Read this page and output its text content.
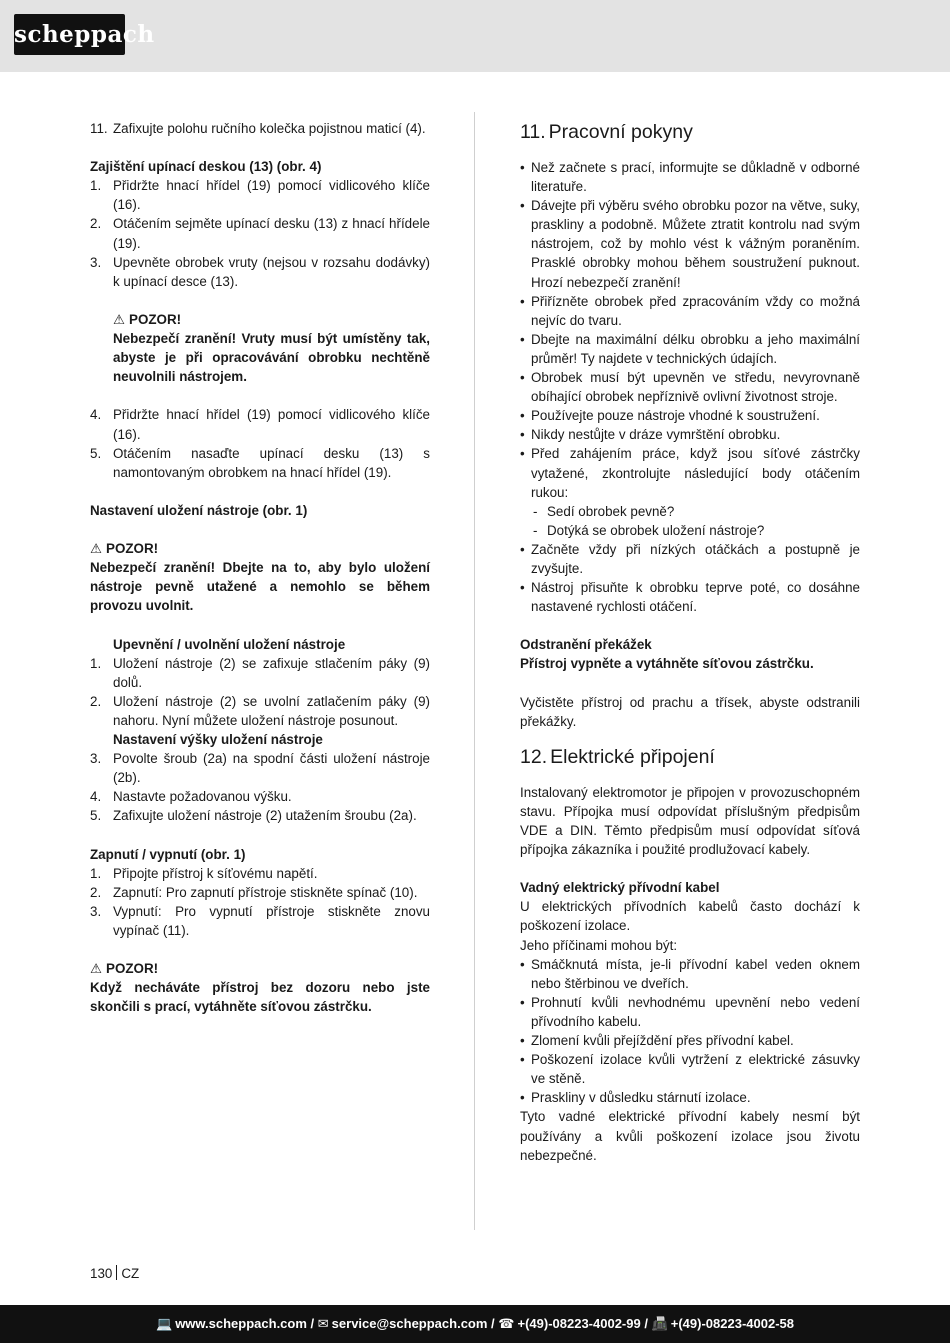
scheppach
11. Zafixujte polohu ručního kolečka pojistnou maticí (4).

Zajištění upínací deskou (13) (obr. 4)

1. Přidržte hnací hřídel (19) pomocí vidlicového klíče (16).
2. Otáčením sejměte upínací desku (13) z hnací hřídele (19).
3. Upevněte obrobek vruty (nejsou v rozsahu dodávky) k upínací desce (13).

⚠ POZOR!

Nebezpečí zranění! Vruty musí být umístěny tak, abyste je při opracovávání obrobku nechtěně neuvolnili nástrojem.

4. Přidržte hnací hřídel (19) pomocí vidlicového klíče (16).
5. Otáčením nasaďte upínací desku (13) s namontovaným obrobkem na hnací hřídel (19).

Nastavení uložení nástroje (obr. 1)

⚠ POZOR!

Nebezpečí zranění! Dbejte na to, aby bylo uložení nástroje pevně utažené a nemohlo se během provozu uvolnit.

Upevnění / uvolnění uložení nástroje

1. Uložení nástroje (2) se zafixuje stlačením páky (9) dolů.
2. Uložení nástroje (2) se uvolní zatlačením páky (9) nahoru. Nyní můžete uložení nástroje posunout.

Nastavení výšky uložení nástroje

3. Povolte šroub (2a) na spodní části uložení nástroje (2b).
4. Nastavte požadovanou výšku.
5. Zafixujte uložení nástroje (2) utažením šroubu (2a).

Zapnutí / vypnutí (obr. 1)

1. Připojte přístroj k síťovému napětí.
2. Zapnutí: Pro zapnutí přístroje stiskněte spínač (10).
3. Vypnutí: Pro vypnutí přístroje stiskněte znovu vypínač (11).

⚠ POZOR!

Když necháváte přístroj bez dozoru nebo jste skončili s prací, vytáhněte síťovou zástrčku.

11. Pracovní pokyny
• Než začnete s prací, informujte se důkladně v odborné literatuře.
• Dávejte při výběru svého obrobku pozor na větve, suky, praskliny a podobně. Můžete ztratit kontrolu nad svým nástrojem, což by mohlo vést k vážným poraněním. Prasklé obrobky mohou během soustružení puknout. Hrozí nebezpečí zranění!
• Přiřízněte obrobek před zpracováním vždy co možná nejvíc do tvaru.
• Dbejte na maximální délku obrobku a jeho maximální průměr! Ty najdete v technických údajích.
• Obrobek musí být upevněn ve středu, nevyrovnaně obíhající obrobek nepříznivě ovlivní životnost stroje.
• Používejte pouze nástroje vhodné k soustružení.
• Nikdy nestůjte v dráze vymrštění obrobku.
• Před zahájením práce, když jsou síťové zástrčky vytažené, zkontrolujte následující body otáčením rukou:
- Sedí obrobek pevně?
- Dotýká se obrobek uložení nástroje?
• Začněte vždy při nízkých otáčkách a postupně je zvyšujte.
• Nástroj přisuňte k obrobku teprve poté, co dosáhne nastavené rychlosti otáčení.

Odstranění překážek

Přístroj vypněte a vytáhněte síťovou zástrčku.

Vyčistěte přístroj od prachu a třísek, abyste odstranili překážky.

12. Elektrické připojení

Instalovaný elektromotor je připojen v provozuschopném stavu. Přípojka musí odpovídat příslušným předpisům VDE a DIN. Těmto předpisům musí odpovídat síťová přípojka zákazníka i použité prodlužovací kabely.

Vadný elektrický přívodní kabel

U elektrických přívodních kabelů často dochází k poškození izolace.

Jeho příčinami mohou být:

• Smáčknutá místa, je-li přívodní kabel veden oknem nebo štěrbinou ve dveřích.
• Prohnutí kvůli nevhodnému upevnění nebo vedení přívodního kabelu.
• Zlomení kvůli přejíždění přes přívodní kabel.
• Poškození izolace kvůli vytržení z elektrické zásuvky ve stěně.
• Praskliny v důsledku stárnutí izolace.

Tyto vadné elektrické přívodní kabely nesmí být používány a kvůli poškození izolace jsou životu nebezpečné.

130 CZ
💻 www.scheppach.com / ✉ service@scheppach.com / ☎ +(49)-08223-4002-99 / 📠 +(49)-08223-4002-58
